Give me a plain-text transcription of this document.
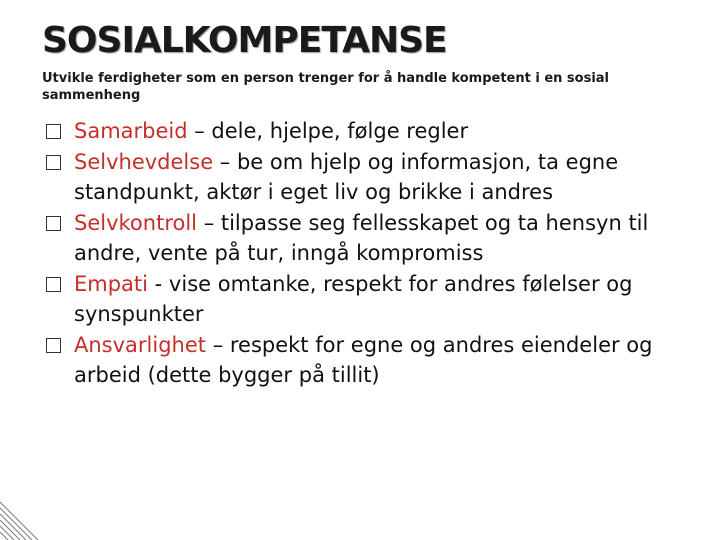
SOSIALKOMPETANSE
Utvikle ferdigheter som en person trenger for å handle kompetent i en sosial sammenheng
Samarbeid – dele, hjelpe, følge regler
Selvhevdelse – be om hjelp og informasjon, ta egne standpunkt, aktør i eget liv og brikke i andres
Selvkontroll – tilpasse seg fellesskapet og ta hensyn til andre, vente på tur, inngå kompromiss
Empati - vise omtanke, respekt for andres følelser og synspunkter
Ansvarlighet – respekt for egne og andres eiendeler og arbeid (dette bygger på tillit)
